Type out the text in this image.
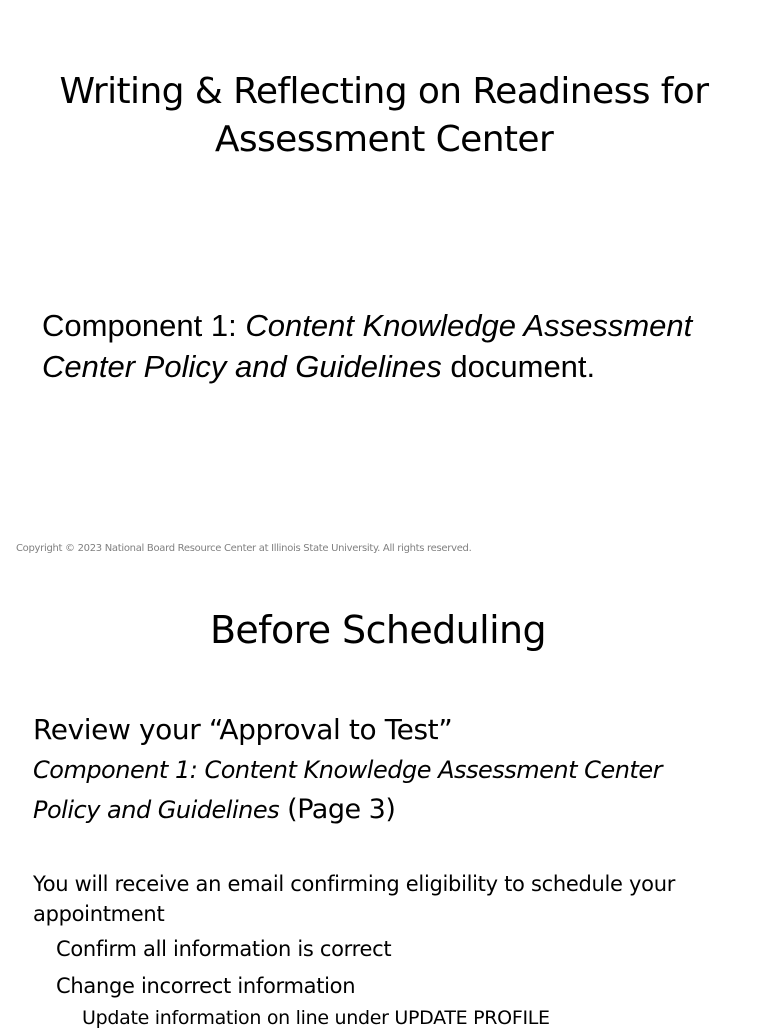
Writing & Reflecting on Readiness for
Assessment Center
Component 1: Content Knowledge Assessment Center Policy and Guidelines document.
Copyright © 2023 National Board Resource Center at Illinois State University. All rights reserved.
Before Scheduling
Review your “Approval to Test”
Component 1: Content Knowledge Assessment Center Policy and Guidelines (Page 3)
You will receive an email confirming eligibility to schedule your appointment
Confirm all information is correct
Change incorrect information
Update information on line under UPDATE PROFILE
